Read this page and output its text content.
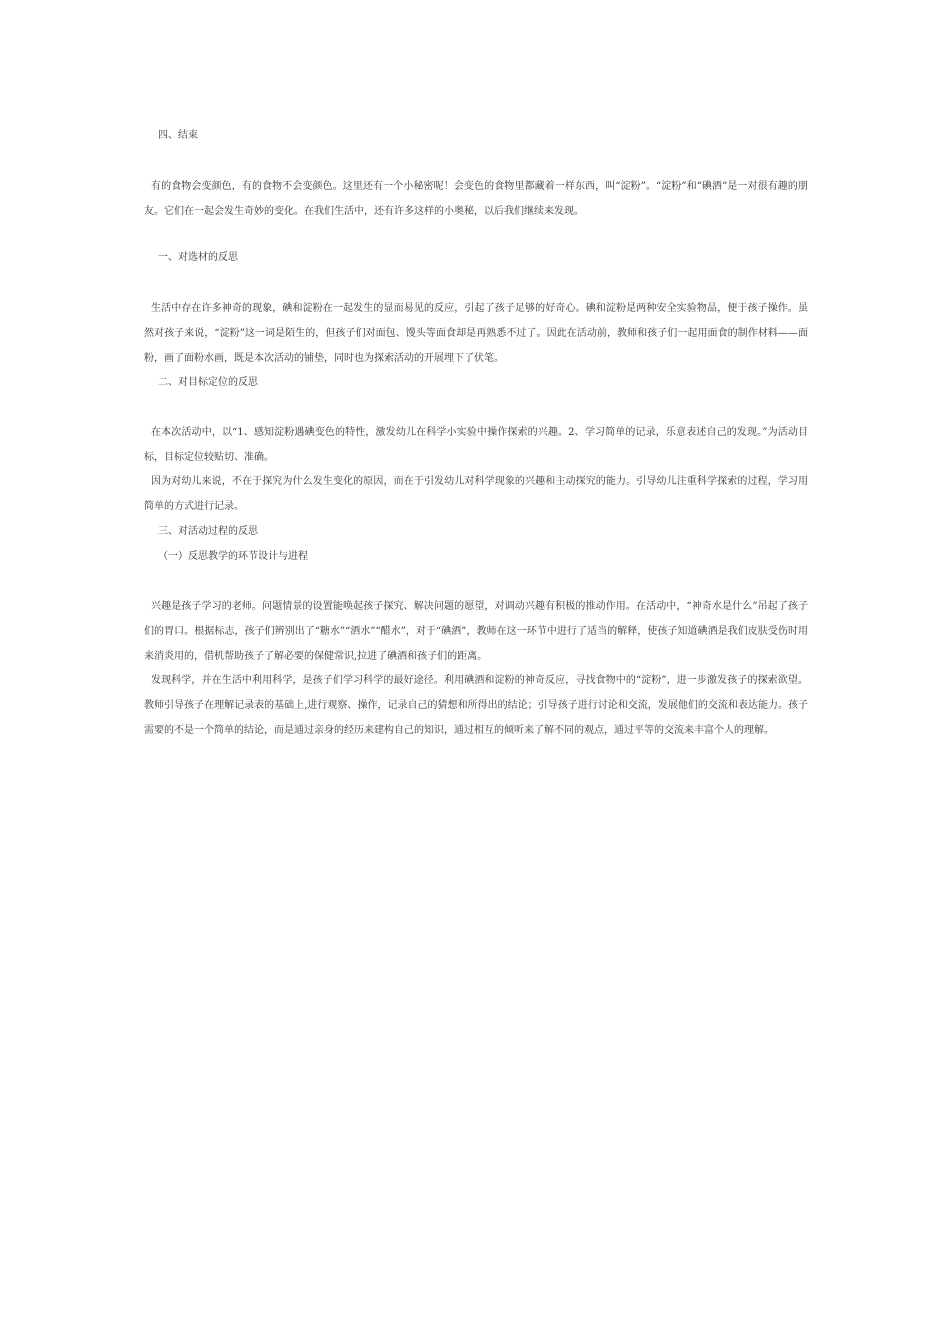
四、结束
有的食物会变颜色，有的食物不会变颜色。这里还有一个小秘密呢！会变色的食物里都藏着一样东西，叫“淀粉”。“淀粉”和“碘酒”是一对很有趣的朋友。它们在一起会发生奇妙的变化。在我们生活中，还有许多这样的小奥秘，以后我们继续来发现。
一、对选材的反思
生活中存在许多神奇的现象，碘和淀粉在一起发生的显而易见的反应，引起了孩子足够的好奇心。碘和淀粉是两种安全实验物品，便于孩子操作。虽然对孩子来说，“淀粉”这一词是陌生的，但孩子们对面包、馒头等面食却是再熟悉不过了。因此在活动前，教师和孩子们一起用面食的制作材料——面粉，画了面粉水画，既是本次活动的铺垫，同时也为探索活动的开展埋下了伏笔。
二、对目标定位的反思
在本次活动中，以“1、感知淀粉遇碘变色的特性，激发幼儿在科学小实验中操作探索的兴趣。2、学习简单的记录，乐意表述自己的发现。”为活动目标，目标定位较贴切、准确。
因为对幼儿来说，不在于探究为什么发生变化的原因，而在于引发幼儿对科学现象的兴趣和主动探究的能力。引导幼儿注重科学探索的过程，学习用简单的方式进行记录。
三、对活动过程的反思
（一）反思教学的环节设计与进程
兴趣是孩子学习的老师。问题情景的设置能唤起孩子探究、解决问题的愿望，对调动兴趣有积极的推动作用。在活动中，“神奇水是什么”吊起了孩子们的胃口。根据标志，孩子们辨别出了“糖水”“酒水”“醋水”，对于“碘酒”，教师在这一环节中进行了适当的解释，使孩子知道碘酒是我们皮肤受伤时用来消炎用的，借机帮助孩子了解必要的保健常识,拉进了碘酒和孩子们的距离。
发现科学，并在生活中利用科学，是孩子们学习科学的最好途径。利用碘酒和淀粉的神奇反应，寻找食物中的“淀粉”，进一步激发孩子的探索欲望。教师引导孩子在理解记录表的基础上,进行观察、操作，记录自己的猜想和所得出的结论；引导孩子进行讨论和交流，发展他们的交流和表达能力。孩子需要的不是一个简单的结论，而是通过亲身的经历来建构自己的知识，通过相互的倾听来了解不同的观点，通过平等的交流来丰富个人的理解。
